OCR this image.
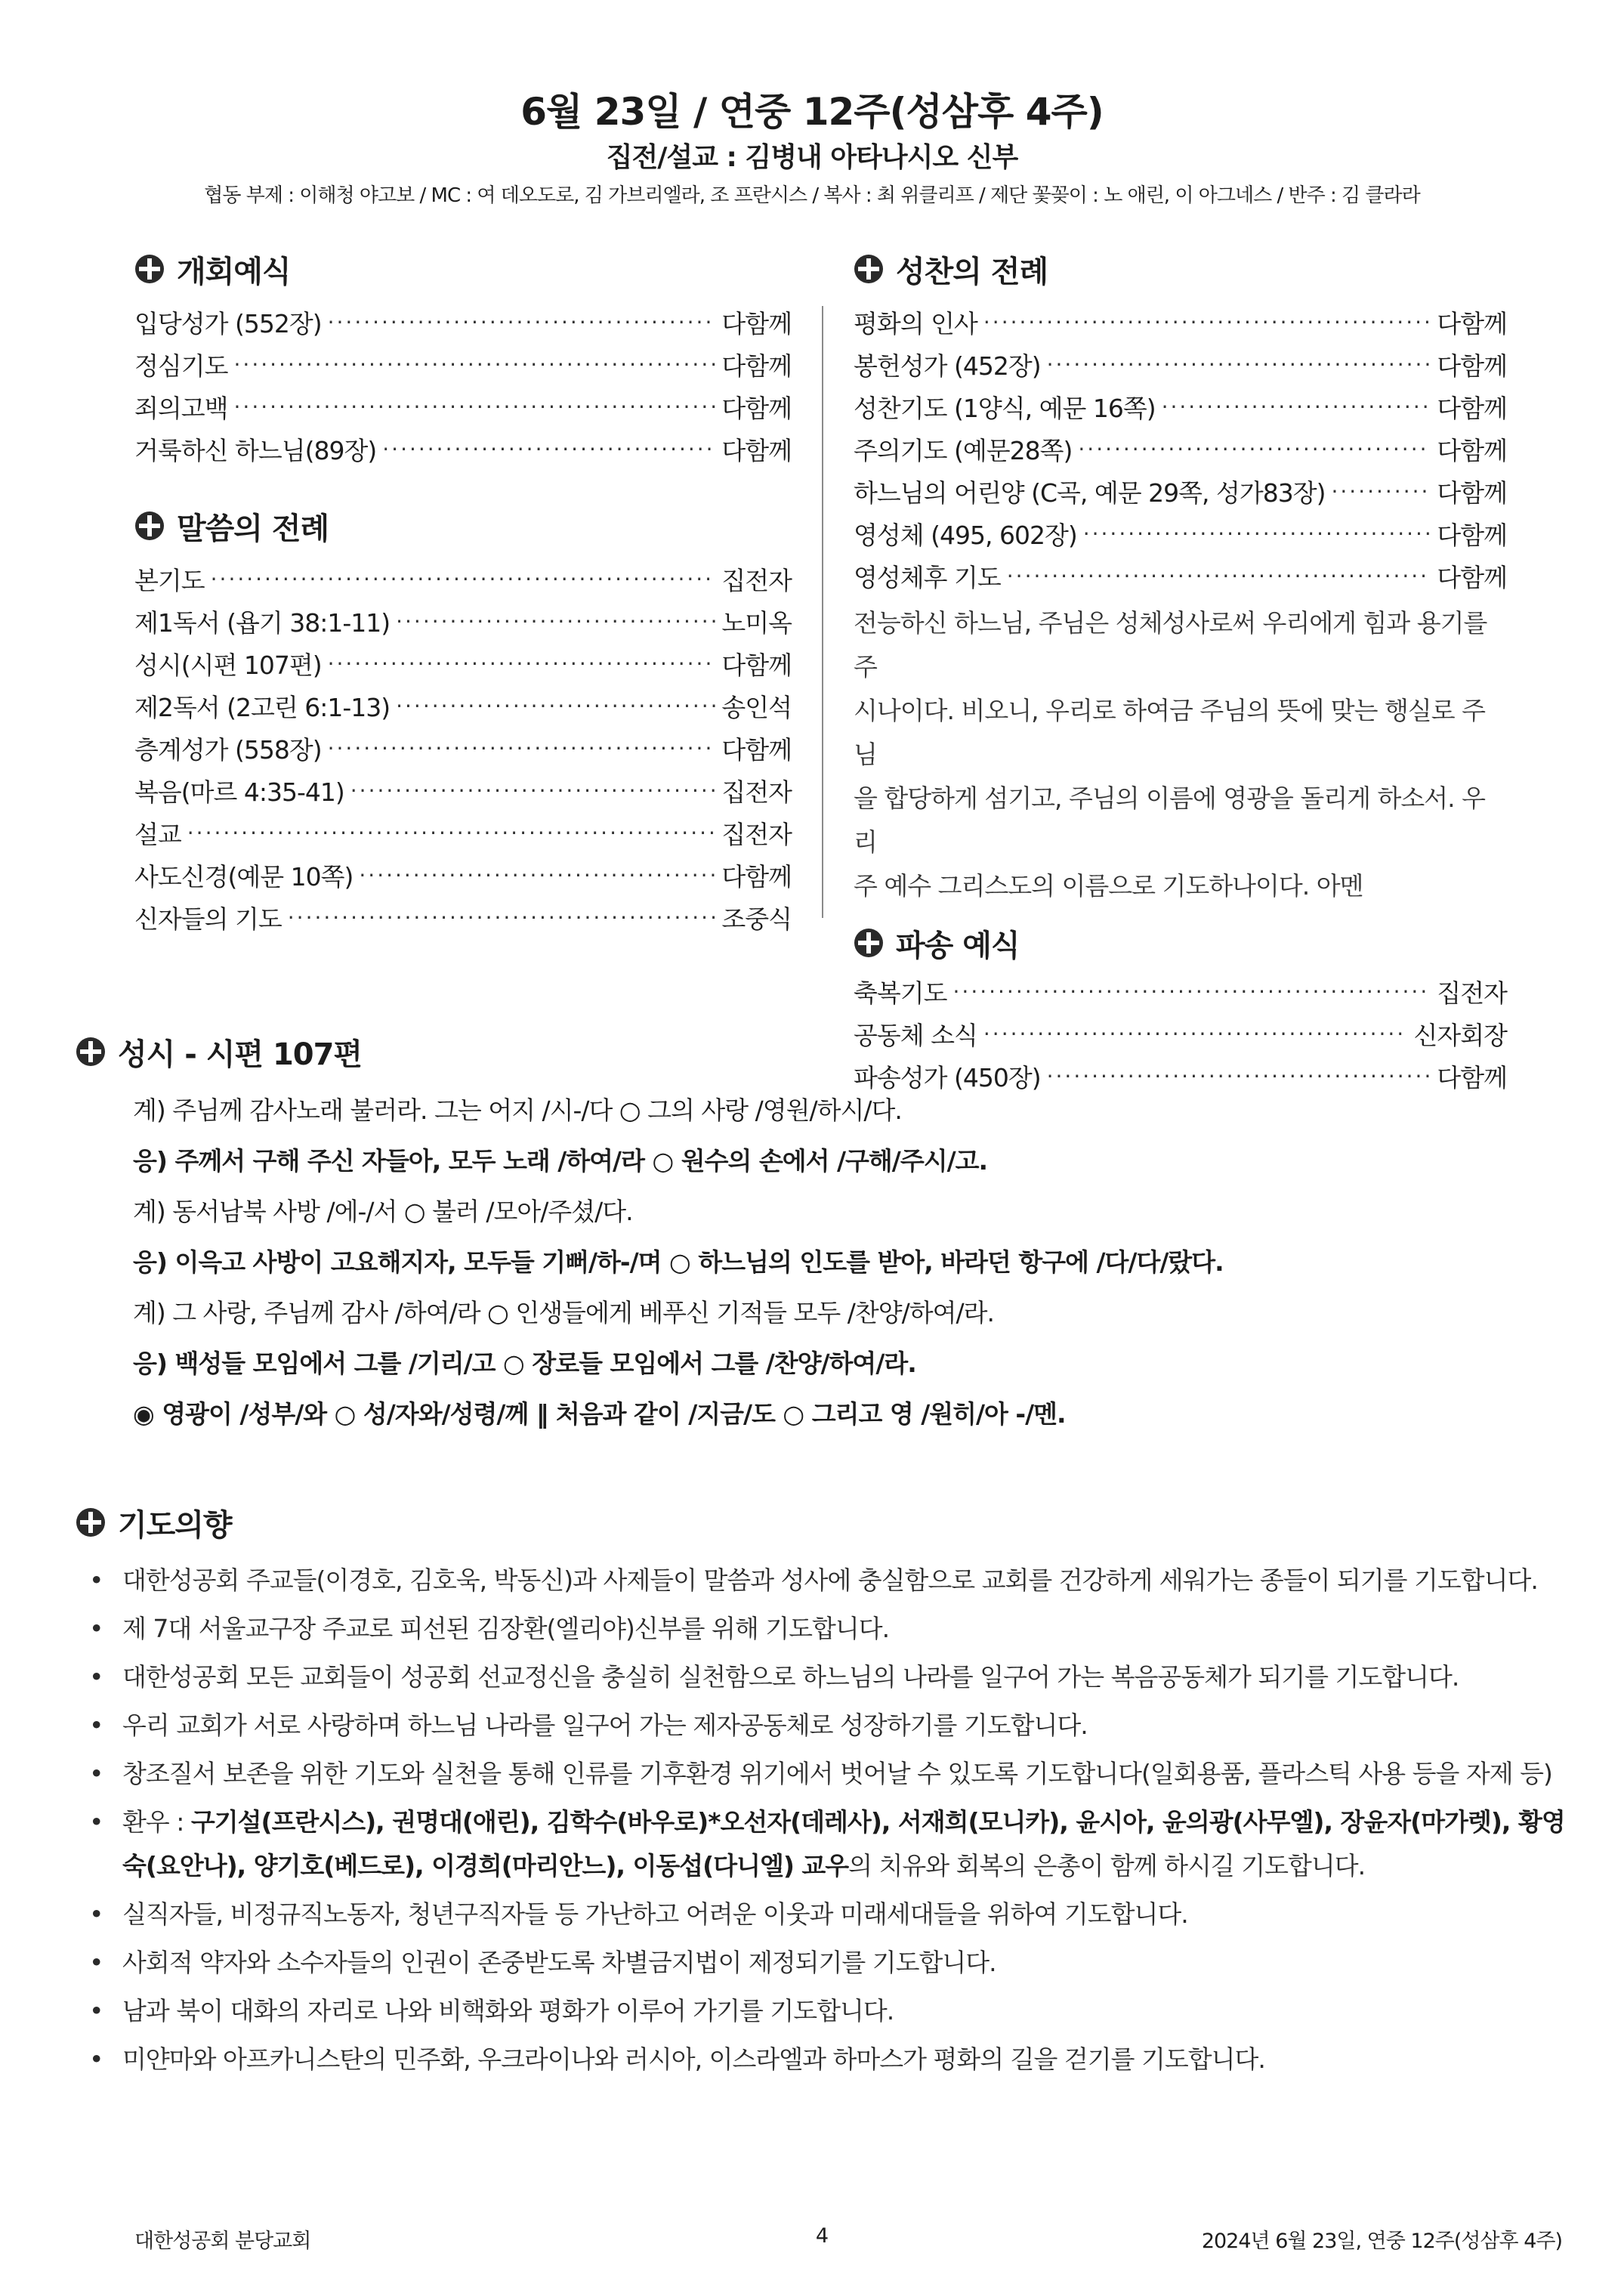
6월 23일 / 연중 12주(성삼후 4주)
집전/설교 : 김병내 아타나시오 신부
협동 부제 : 이해청 야고보 / MC : 여 데오도로, 김 가브리엘라, 조 프란시스 / 복사 : 최 위클리프 / 제단 꽃꽂이 : 노 애린, 이 아그네스 / 반주 : 김 클라라
개회예식
입당성가 (552장) ·····	다함께
정심기도 ·····	다함께
죄의고백 ·····	다함께
거룩하신 하느님(89장) ·····	다함께
말씀의 전례
본기도 ·····	집전자
제1독서 (욥기 38:1-11) ·····	노미옥
성시(시편 107편) ·····	다함께
제2독서 (2고린 6:1-13) ·····	송인석
층계성가 (558장) ·····	다함께
복음(마르 4:35-41) ·····	집전자
설교 ·····	집전자
사도신경(예문 10쪽) ·····	다함께
신자들의 기도 ·····	조중식
성찬의 전례
평화의 인사 ·····	다함께
봉헌성가 (452장) ·····	다함께
성찬기도 (1양식, 예문 16쪽) ·····	다함께
주의기도 (예문28쪽) ·····	다함께
하느님의 어린양 (C곡, 예문 29쪽, 성가83장) ·····	다함께
영성체 (495, 602장) ·····	다함께
영성체후 기도 ·····	다함께
전능하신 하느님, 주님은 성체성사로써 우리에게 힘과 용기를 주
시나이다. 비오니, 우리로 하여금 주님의 뜻에 맞는 행실로 주님
을 합당하게 섬기고, 주님의 이름에 영광을 돌리게 하소서. 우리
주 예수 그리스도의 이름으로 기도하나이다. 아멘
파송 예식
축복기도 ·····	집전자
공동체 소식 ·····	신자회장
파송성가 (450장) ·····	다함께
성시 - 시편 107편
계) 주님께 감사노래 불러라. 그는 어지 /시-/다 ○ 그의 사랑 /영원/하시/다.
응) 주께서 구해 주신 자들아, 모두 노래 /하여/라 ○ 원수의 손에서 /구해/주시/고.
계) 동서남북 사방 /에-/서 ○ 불러 /모아/주셨/다.
응) 이윽고 사방이 고요해지자, 모두들 기뻐/하-/며 ○ 하느님의 인도를 받아, 바라던 항구에 /다/다/랐다.
계) 그 사랑, 주님께 감사 /하여/라 ○ 인생들에게 베푸신 기적들 모두 /찬양/하여/라.
응) 백성들 모임에서 그를 /기리/고 ○ 장로들 모임에서 그를 /찬양/하여/라.
◉ 영광이 /성부/와 ○ 성/자와/성령/께 ‖ 처음과 같이 /지금/도 ○ 그리고 영 /원히/아 -/멘.
기도의향
• 대한성공회 주교들(이경호, 김호욱, 박동신)과 사제들이 말씀과 성사에 충실함으로 교회를 건강하게 세워가는 종들이 되기를 기도합니다.
• 제 7대 서울교구장 주교로 피선된 김장환(엘리야)신부를 위해 기도합니다.
• 대한성공회 모든 교회들이 성공회 선교정신을 충실히 실천함으로 하느님의 나라를 일구어 가는 복음공동체가 되기를 기도합니다.
• 우리 교회가 서로 사랑하며 하느님 나라를 일구어 가는 제자공동체로 성장하기를 기도합니다.
• 창조질서 보존을 위한 기도와 실천을 통해 인류를 기후환경 위기에서 벗어날 수 있도록 기도합니다(일회용품, 플라스틱 사용 등을 자제 등)
• 환우 : 구기설(프란시스), 권명대(애린), 김학수(바우로)*오선자(데레사), 서재희(모니카), 윤시아, 윤의광(사무엘), 장윤자(마가렛), 황영숙(요안나), 양기호(베드로), 이경희(마리안느), 이동섭(다니엘) 교우의 치유와 회복의 은총이 함께 하시길 기도합니다.
• 실직자들, 비정규직노동자, 청년구직자들 등 가난하고 어려운 이웃과 미래세대들을 위하여 기도합니다.
• 사회적 약자와 소수자들의 인권이 존중받도록 차별금지법이 제정되기를 기도합니다.
• 남과 북이 대화의 자리로 나와 비핵화와 평화가 이루어 가기를 기도합니다.
• 미얀마와 아프카니스탄의 민주화, 우크라이나와 러시아, 이스라엘과 하마스가 평화의 길을 걷기를 기도합니다.
대한성공회 분당교회	4	2024년 6월 23일, 연중 12주(성삼후 4주)
